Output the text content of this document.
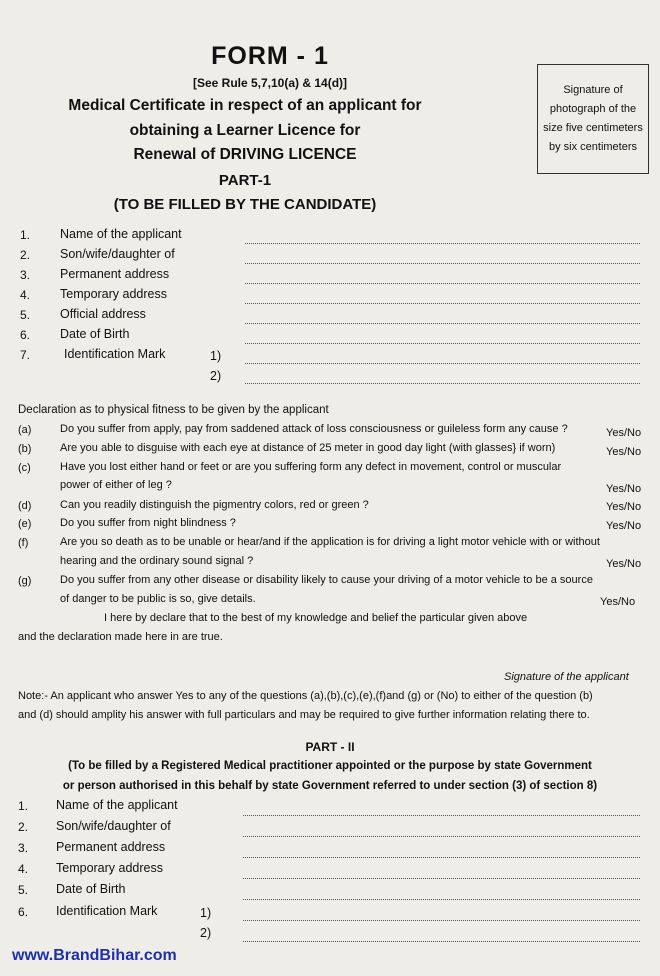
FORM - 1
[See Rule 5,7,10(a) & 14(d)]
Medical Certificate in respect of an applicant for
obtaining a Learner Licence for
Renewal of DRIVING LICENCE
Signature of
photograph of the
size five centimeters
by six centimeters
PART-1
(TO BE FILLED BY THE CANDIDATE)
1. Name of the applicant
2. Son/wife/daughter of
3. Permanent address
4. Temporary address
5. Official address
6. Date of Birth
7.	Identification Mark	1)
2)
Declaration as to physical fitness to be given by the applicant
(a)	Do you suffer from apply, pay from saddened attack of loss consciousness or guileless form any cause ?	Yes/No
(b)	Are you able to disguise with each eye at distance of 25 meter in good day light (with glasses} if worn)	Yes/No
(c)	Have you lost either hand or feet or are you suffering form any defect in movement, control or muscular
power of either of leg ?	Yes/No
(d)	Can you readily distinguish the pigmentry colors, red or green ?	Yes/No
(e)	Do you suffer from night blindness ?	Yes/No
(f)	Are you so death as to be unable or hear/and if the application is for driving a light motor vehicle with or without
hearing and the ordinary sound signal ?	Yes/No
(g)	Do you suffer from any other disease or disability likely to cause your driving of a motor vehicle to be a source
of danger to be public is so, give details.	Yes/No
I here by declare that to the best of my knowledge and belief the particular given above
and the declaration made here in are true.
Signature of the applicant
Note:- An applicant who answer Yes to any of the questions (a),(b),(c),(e),(f)and (g) or (No) to either of the question (b)
and (d) should amplity his answer with full particulars and may be required to give further information relating there to.
PART - II
(To be filled by a Registered Medical practitioner appointed or the purpose by state Government
or person authorised in this behalf by state Government referred to under section (3) of section 8)
1. Name of the applicant
2. Son/wife/daughter of
3. Permanent address
4. Temporary address
5. Date of Birth
6. Identification Mark	1)
2)
www.BrandBihar.com
